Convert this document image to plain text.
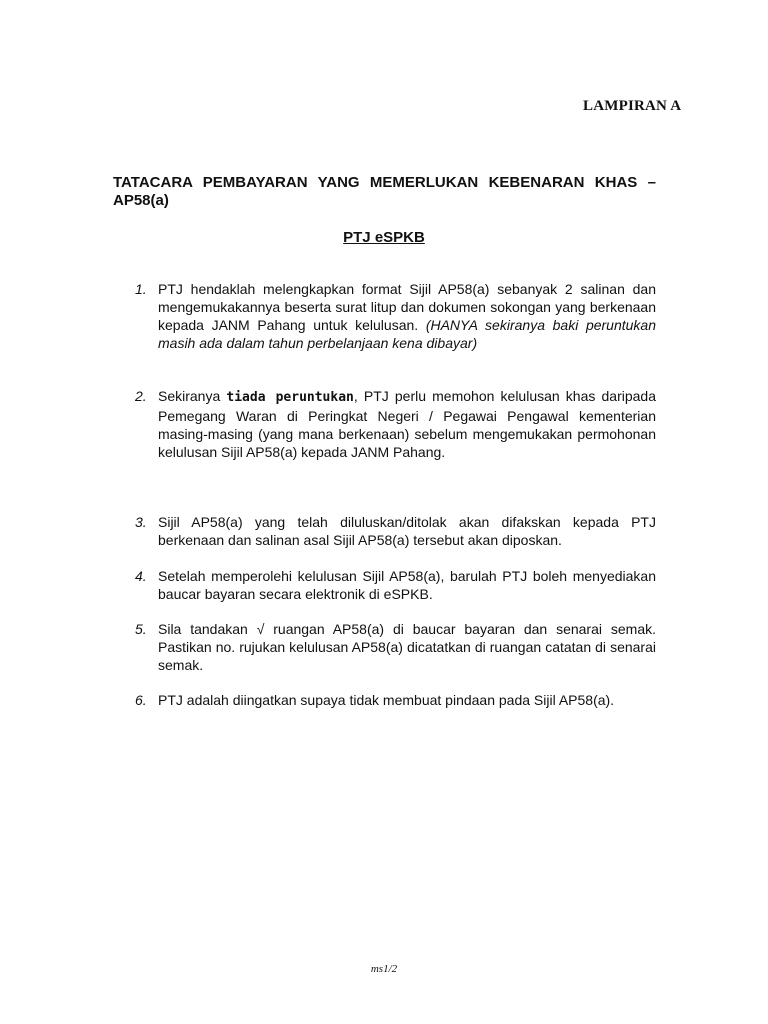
LAMPIRAN A
TATACARA PEMBAYARAN YANG MEMERLUKAN KEBENARAN KHAS – AP58(a)
PTJ eSPKB
1. PTJ hendaklah melengkapkan format Sijil AP58(a) sebanyak 2 salinan dan mengemukakannya beserta surat litup dan dokumen sokongan yang berkenaan kepada JANM Pahang untuk kelulusan. (HANYA sekiranya baki peruntukan masih ada dalam tahun perbelanjaan kena dibayar)
2. Sekiranya tiada peruntukan, PTJ perlu memohon kelulusan khas daripada Pemegang Waran di Peringkat Negeri / Pegawai Pengawal kementerian masing-masing (yang mana berkenaan) sebelum mengemukakan permohonan kelulusan Sijil AP58(a) kepada JANM Pahang.
3. Sijil AP58(a) yang telah diluluskan/ditolak akan difakskan kepada PTJ berkenaan dan salinan asal Sijil AP58(a) tersebut akan diposkan.
4. Setelah memperolehi kelulusan Sijil AP58(a), barulah PTJ boleh menyediakan baucar bayaran secara elektronik di eSPKB.
5. Sila tandakan √ ruangan AP58(a) di baucar bayaran dan senarai semak. Pastikan no. rujukan kelulusan AP58(a) dicatatkan di ruangan catatan di senarai semak.
6. PTJ adalah diingatkan supaya tidak membuat pindaan pada Sijil AP58(a).
ms1/2
